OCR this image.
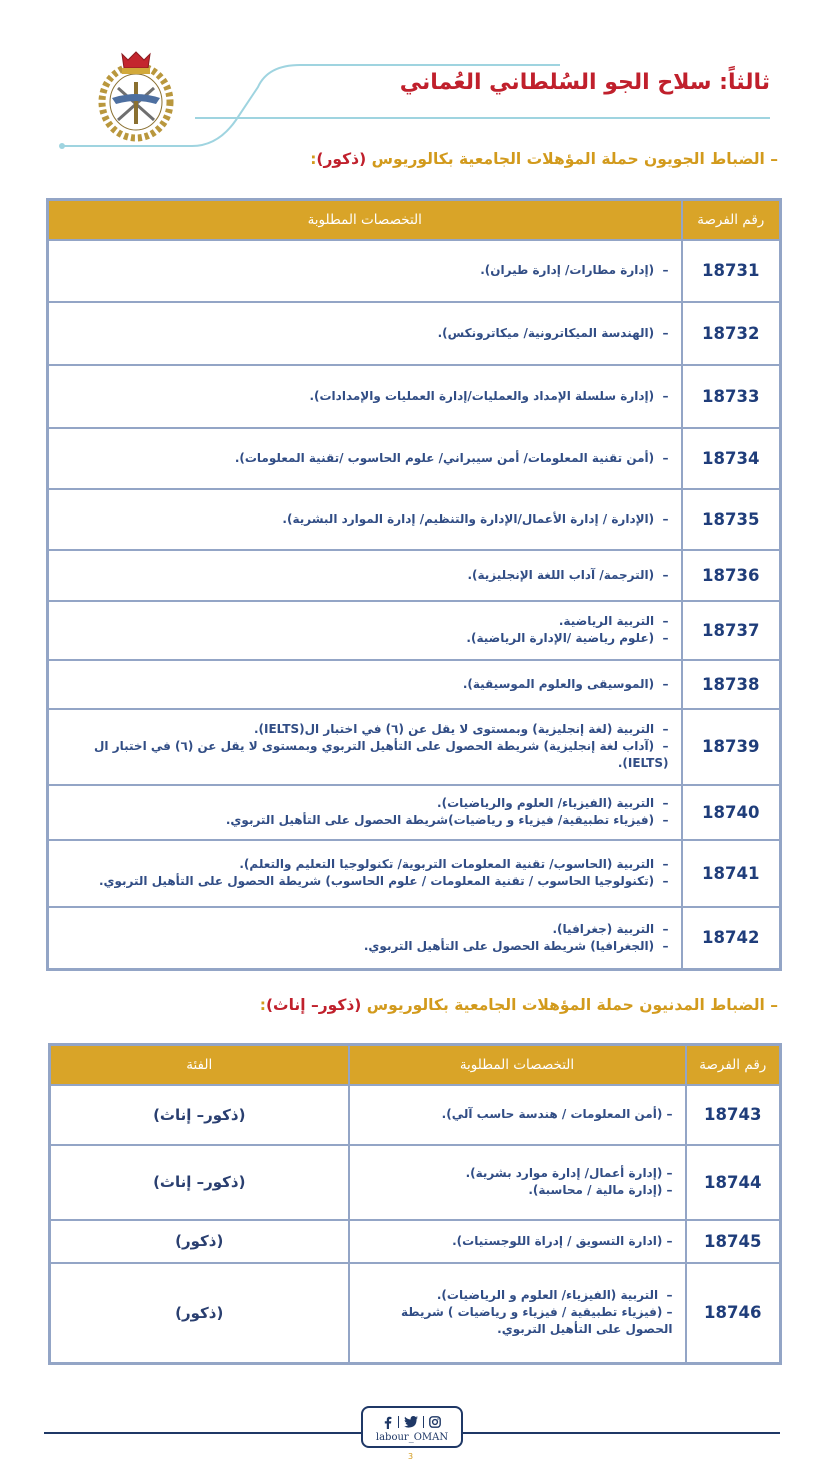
ثالثاً: سلاح الجو السُلطاني العُماني
– الضباط الجويون حملة المؤهلات الجامعية بكالوريوس (ذكور):
رقم الفرصة	التخصصات المطلوبة
18731	–  (إدارة مطارات/ إدارة طيران).

18732	–  (الهندسة الميكاترونية/ ميكاترونكس).

18733	–  (إدارة سلسلة الإمداد والعمليات/إدارة العمليات والإمدادات).

18734	–  (أمن تقنية المعلومات/ أمن سيبراني/ علوم الحاسوب /تقنية المعلومات).

18735	–  (الإدارة / إدارة الأعمال/الإدارة والتنظيم/ إدارة الموارد البشرية).

18736	–  (الترجمة/ آداب اللغة الإنجليزية).

18737	–  التربية الرياضية.
–  (علوم رياضية /الإدارة الرياضية).

18738	–  (الموسيقى والعلوم الموسيقية).

18739	–  التربية (لغة إنجليزية) وبمستوى لا يقل عن (٦) في اختبار ال(IELTS).
–  (آداب لغة إنجليزية) شريطة الحصول على التأهيل التربوي وبمستوى لا يقل عن (٦) في اختبار ال (IELTS).

18740	–  التربية (الفيزياء/ العلوم والرياضيات).
–  (فيزياء تطبيقية/ فيزياء و رياضيات)شريطة الحصول على التأهيل التربوي.

18741	–  التربية (الحاسوب/ تقنية المعلومات التربوية/ تكنولوجيا التعليم والتعلم).
–  (تكنولوجيا الحاسوب / تقنية المعلومات / علوم الحاسوب) شريطة الحصول على التأهيل التربوي.

18742	–  التربية (جغرافيا).
–  (الجغرافيا) شريطة الحصول على التأهيل التربوي.
– الضباط المدنيون حملة المؤهلات الجامعية بكالوريوس (ذكور– إناث):
رقم الفرصة	التخصصات المطلوبة	الفئة
18743	– (أمن المعلومات / هندسة حاسب آلي).	(ذكور– إناث)
18744	– (إدارة أعمال/ إدارة موارد بشرية).
– (إدارة مالية / محاسبة).	(ذكور– إناث)
18745	– (ادارة التسويق / إدراة اللوجستيات).	(ذكور)
18746	–  التربية (الفيزياء/ العلوم و الرياضيات).
– (فيزياء تطبيقية / فيزياء و رياضيات ) شريطة الحصول على التأهيل التربوي.	(ذكور)
labour_OMAN
3
